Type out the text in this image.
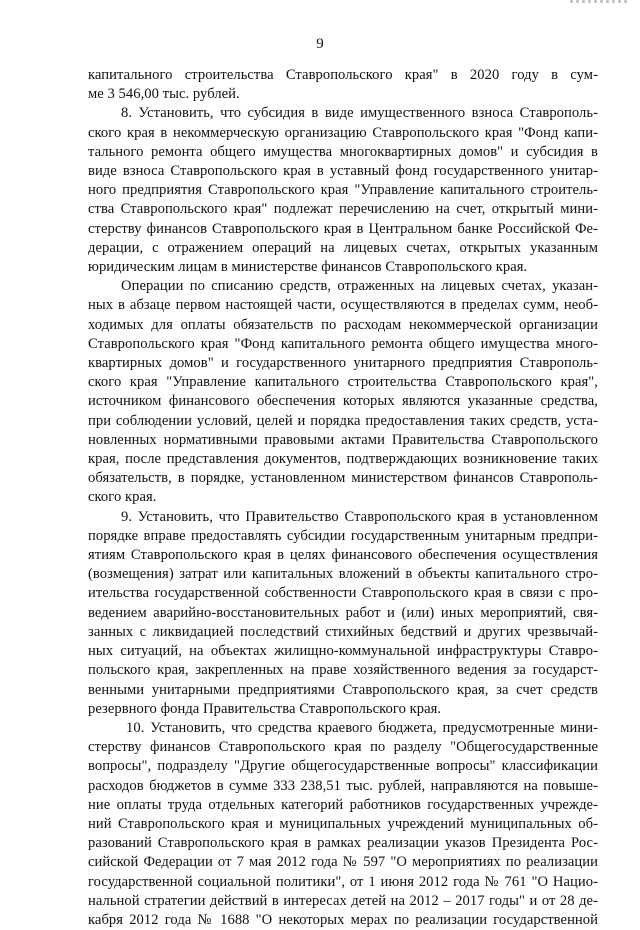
9

капитального строительства Ставропольского края" в 2020 году в сум-

ме 3 546,00 тыс. рублей.

8. Установить, что субсидия в виде имущественного взноса Ставрополь-

ского края в некоммерческую организацию Ставропольского края "Фонд капи-

тального ремонта общего имущества многоквартирных домов" и субсидия в

виде взноса Ставропольского края в уставный фонд государственного унитар-

ного предприятия Ставропольского края "Управление капитального строитель-

ства Ставропольского края" подлежат перечислению на счет, открытый мини-

стерству финансов Ставропольского края в Центральном банке Российской Фе-

дерации, с отражением операций на лицевых счетах, открытых указанным

юридическим лицам в министерстве финансов Ставропольского края.

Операции по списанию средств, отраженных на лицевых счетах, указан-

ных в абзаце первом настоящей части, осуществляются в пределах сумм, необ-

ходимых для оплаты обязательств по расходам некоммерческой организации

Ставропольского края "Фонд капитального ремонта общего имущества много-

квартирных домов" и государственного унитарного предприятия Ставрополь-

ского края "Управление капитального строительства Ставропольского края",

источником финансового обеспечения которых являются указанные средства,

при соблюдении условий, целей и порядка предоставления таких средств, уста-

новленных нормативными правовыми актами Правительства Ставропольского

края, после представления документов, подтверждающих возникновение таких

обязательств, в порядке, установленном министерством финансов Ставрополь-

ского края.

9. Установить, что Правительство Ставропольского края в установленном

порядке вправе предоставлять субсидии государственным унитарным предпри-

ятиям Ставропольского края в целях финансового обеспечения осуществления

(возмещения) затрат или капитальных вложений в объекты капитального стро-

ительства государственной собственности Ставропольского края в связи с про-

ведением аварийно-восстановительных работ и (или) иных мероприятий, свя-

занных с ликвидацией последствий стихийных бедствий и других чрезвычай-

ных ситуаций, на объектах жилищно-коммунальной инфраструктуры Ставро-

польского края, закрепленных на праве хозяйственного ведения за государст-

венными унитарными предприятиями Ставропольского края, за счет средств

резервного фонда Правительства Ставропольского края.

10. Установить, что средства краевого бюджета, предусмотренные мини-

стерству финансов Ставропольского края по разделу "Общегосударственные

вопросы", подразделу "Другие общегосударственные вопросы" классификации

расходов бюджетов в сумме 333 238,51 тыс. рублей, направляются на повыше-

ние оплаты труда отдельных категорий работников государственных учрежде-

ний Ставропольского края и муниципальных учреждений муниципальных об-

разований Ставропольского края в рамках реализации указов Президента Рос-

сийской Федерации от 7 мая 2012 года № 597 "О мероприятиях по реализации

государственной социальной политики", от 1 июня 2012 года № 761 "О Нацио-

нальной стратегии действий в интересах детей на 2012 – 2017 годы" и от 28 де-

кабря 2012 года № 1688 "О некоторых мерах по реализации государственной
